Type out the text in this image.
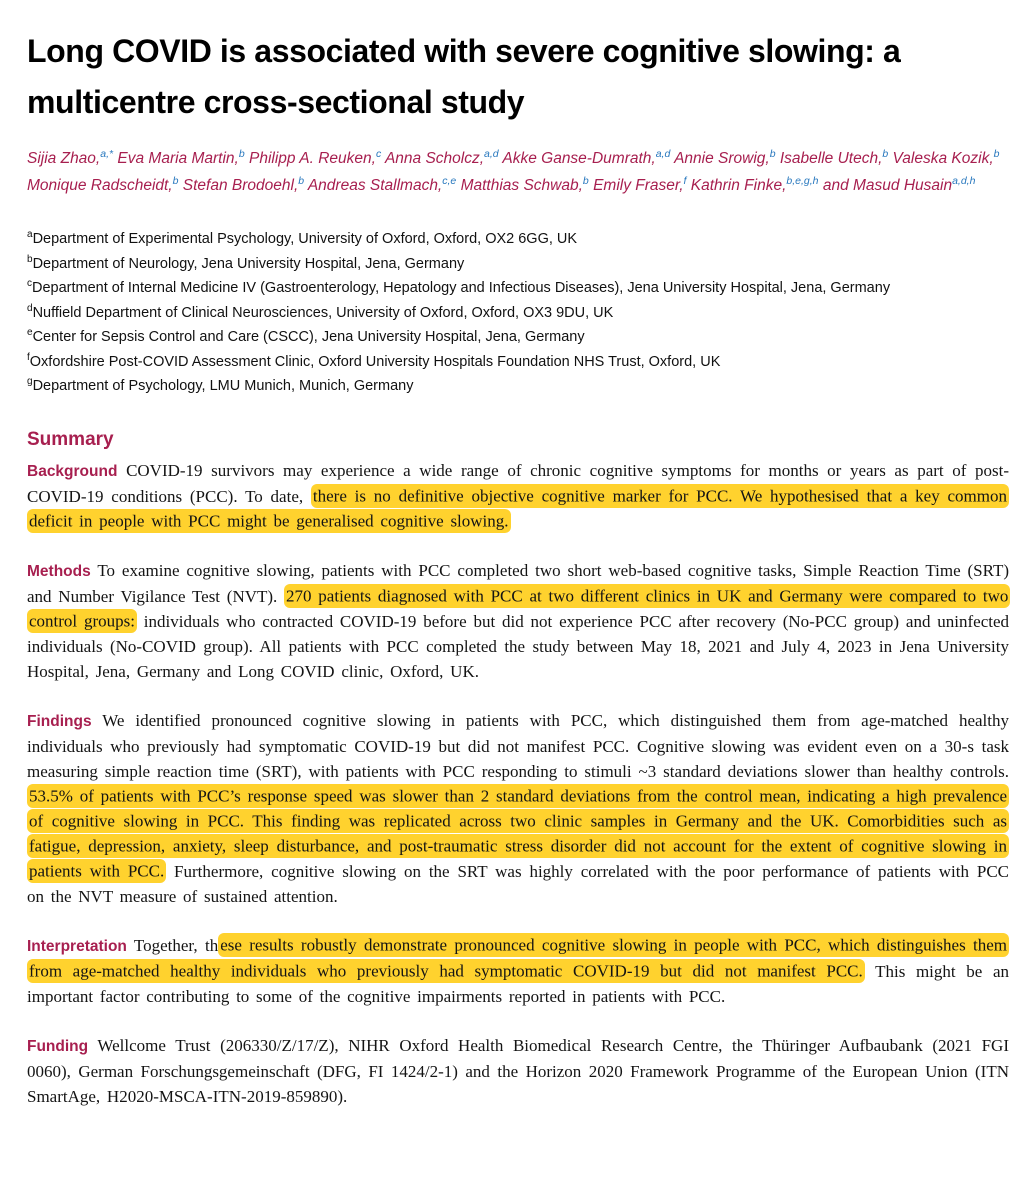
Long COVID is associated with severe cognitive slowing: a multicentre cross-sectional study

Sijia Zhao,$^{a,*}$ Eva Maria Martin,$^b$ Philipp A. Reuken,$^c$ Anna Scholcz,$^{a,d}$ Akke Ganse-Dumrath,$^{a,d}$ Annie Srowig,$^b$ Isabelle Utech,$^b$ Valeska Kozik,$^b$ Monique Radscheidt,$^b$ Stefan Brodoehl,$^b$ Andreas Stallmach,$^{c,e}$ Matthias Schwab,$^b$ Emily Fraser,$^f$ Kathrin Finke,$^{b,e,g,h}$ and Masud Husain$^{a,d,h}$

$^a$Department of Experimental Psychology, University of Oxford, Oxford, OX2 6GG, UK
$^b$Department of Neurology, Jena University Hospital, Jena, Germany
$^c$Department of Internal Medicine IV (Gastroenterology, Hepatology and Infectious Diseases), Jena University Hospital, Jena, Germany
$^d$Nuffield Department of Clinical Neurosciences, University of Oxford, Oxford, OX3 9DU, UK
$^e$Center for Sepsis Control and Care (CSCC), Jena University Hospital, Jena, Germany
$^f$Oxfordshire Post-COVID Assessment Clinic, Oxford University Hospitals Foundation NHS Trust, Oxford, UK
$^g$Department of Psychology, LMU Munich, Munich, Germany
Summary

Background COVID-19 survivors may experience a wide range of chronic cognitive symptoms for months or years as part of post-COVID-19 conditions (PCC). To date, there is no definitive objective cognitive marker for PCC. We hypothesised that a key common deficit in people with PCC might be generalised cognitive slowing.

Methods To examine cognitive slowing, patients with PCC completed two short web-based cognitive tasks, Simple Reaction Time (SRT) and Number Vigilance Test (NVT). 270 patients diagnosed with PCC at two different clinics in UK and Germany were compared to two control groups: individuals who contracted COVID-19 before but did not experience PCC after recovery (No-PCC group) and uninfected individuals (No-COVID group). All patients with PCC completed the study between May 18, 2021 and July 4, 2023 in Jena University Hospital, Jena, Germany and Long COVID clinic, Oxford, UK.

Findings We identified pronounced cognitive slowing in patients with PCC, which distinguished them from age-matched healthy individuals who previously had symptomatic COVID-19 but did not manifest PCC. Cognitive slowing was evident even on a 30-s task measuring simple reaction time (SRT), with patients with PCC responding to stimuli ~3 standard deviations slower than healthy controls. 53.5% of patients with PCC’s response speed was slower than 2 standard deviations from the control mean, indicating a high prevalence of cognitive slowing in PCC. This finding was replicated across two clinic samples in Germany and the UK. Comorbidities such as fatigue, depression, anxiety, sleep disturbance, and post-traumatic stress disorder did not account for the extent of cognitive slowing in patients with PCC. Furthermore, cognitive slowing on the SRT was highly correlated with the poor performance of patients with PCC on the NVT measure of sustained attention.

Interpretation Together, th ese results robustly demonstrate pronounced cognitive slowing in people with PCC, which distinguishes them from age-matched healthy individuals who previously had symptomatic COVID-19 but did not manifest PCC. This might be an important factor contributing to some of the cognitive impairments reported in patients with PCC.

Funding Wellcome Trust (206330/Z/17/Z), NIHR Oxford Health Biomedical Research Centre, the Thüringer Aufbaubank (2021 FGI 0060), German Forschungsgemeinschaft (DFG, FI 1424/2-1) and the Horizon 2020 Framework Programme of the European Union (ITN SmartAge, H2020-MSCA-ITN-2019-859890).
